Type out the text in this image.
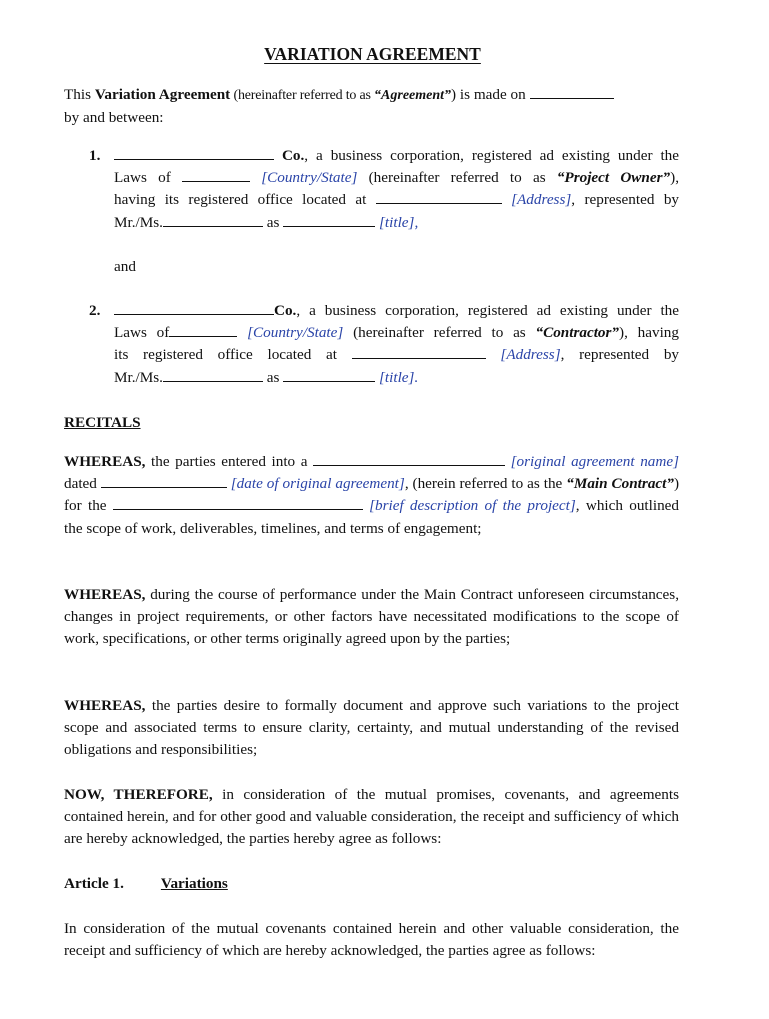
VARIATION AGREEMENT
This Variation Agreement (hereinafter referred to as “Agreement”) is made on
by and between:
1.	Co., a business corporation, registered ad existing under the
Laws of	[Country/State] (hereinafter referred to as “Project Owner”),
having its registered office located at	[Address], represented by
Mr./Ms.	as	[title],
and
2.	Co., a business corporation, registered ad existing under the
Laws of	[Country/State] (hereinafter referred to as “Contractor”), having
its registered office located at	[Address], represented by
Mr./Ms.	as	[title].
RECITALS
WHEREAS, the parties entered into a	[original agreement name] dated	[date of original agreement], (herein referred to as the “Main Contract”) for the	[brief description of the project], which outlined the scope of work, deliverables, timelines, and terms of engagement;
WHEREAS, during the course of performance under the Main Contract unforeseen circumstances, changes in project requirements, or other factors have necessitated modifications to the scope of work, specifications, or other terms originally agreed upon by the parties;
WHEREAS, the parties desire to formally document and approve such variations to the project scope and associated terms to ensure clarity, certainty, and mutual understanding of the revised obligations and responsibilities;
NOW, THEREFORE, in consideration of the mutual promises, covenants, and agreements contained herein, and for other good and valuable consideration, the receipt and sufficiency of which are hereby acknowledged, the parties hereby agree as follows:
Article 1. Variations
In consideration of the mutual covenants contained herein and other valuable consideration, the receipt and sufficiency of which are hereby acknowledged, the parties agree as follows:
